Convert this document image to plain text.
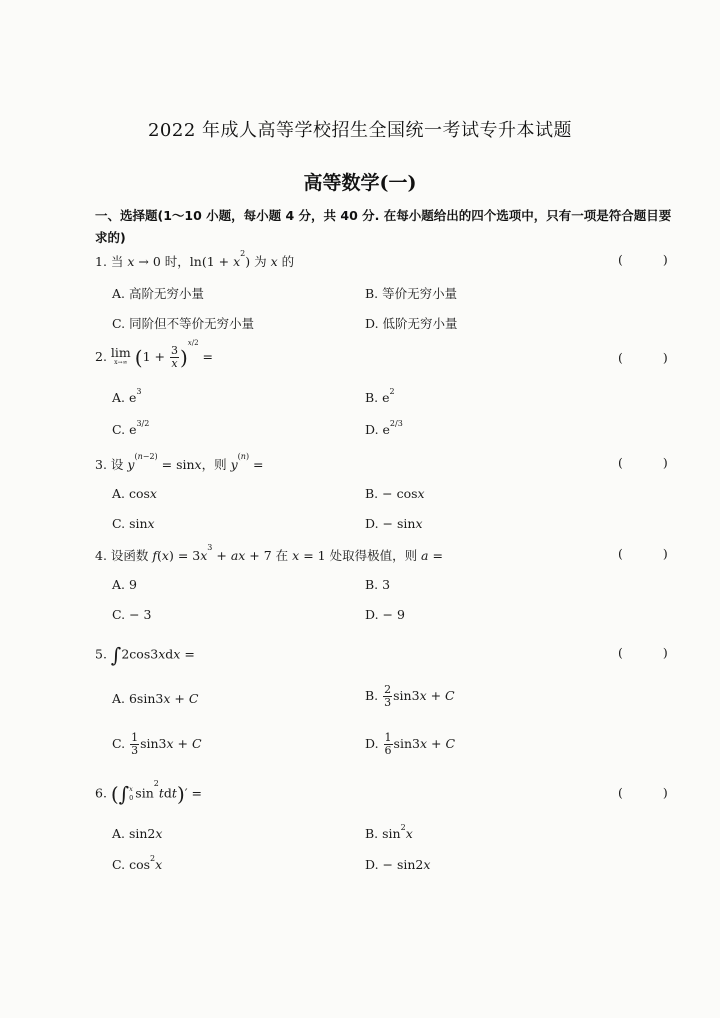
2022 年成人高等学校招生全国统一考试专升本试题
高等数学(一)
一、选择题(1～10 小题，每小题 4 分，共 40 分. 在每小题给出的四个选项中，只有一项是符合题目要求的)
1. 当 x → 0 时，$\ln(1 + x^2)$ 为 x 的	( )
A. 高阶无穷小量	B. 等价无穷小量
C. 同阶但不等价无穷小量	D. 低阶无穷小量
2. lim
x→∞ $(1 + \frac{3}{x} )^{x/2}$ =	( )
A. $e^3$	B. $e^2$
C. $e^{3/2}$	D. $e^{2/3}$
3. 设 $y^{(n-2)} = \sin x$，则 $y^{(n)}$ =	( )
A. cosx	B. − cosx
C. sinx	D. − sinx
4. 设函数 $f(x) = 3x^3$ + ax + 7 在 x = 1 处取得极值，则 a =	( )
A. 9	B. 3
C. − 3	D. − 9
5. ∫2cos3xdx =	( )
A. 6sin3x + C	B. $\frac{2}{3} \sin 3x + C$
C. $\frac{1}{3} \sin 3x + C$	D. $\frac{1}{6} \sin 3x + C$
6. (∫ x
0 $\sin^2tdt)'$ =	( )
A. sin2x	B. $\sin^2x$
C. $\cos^2x$	D. − sin2x
